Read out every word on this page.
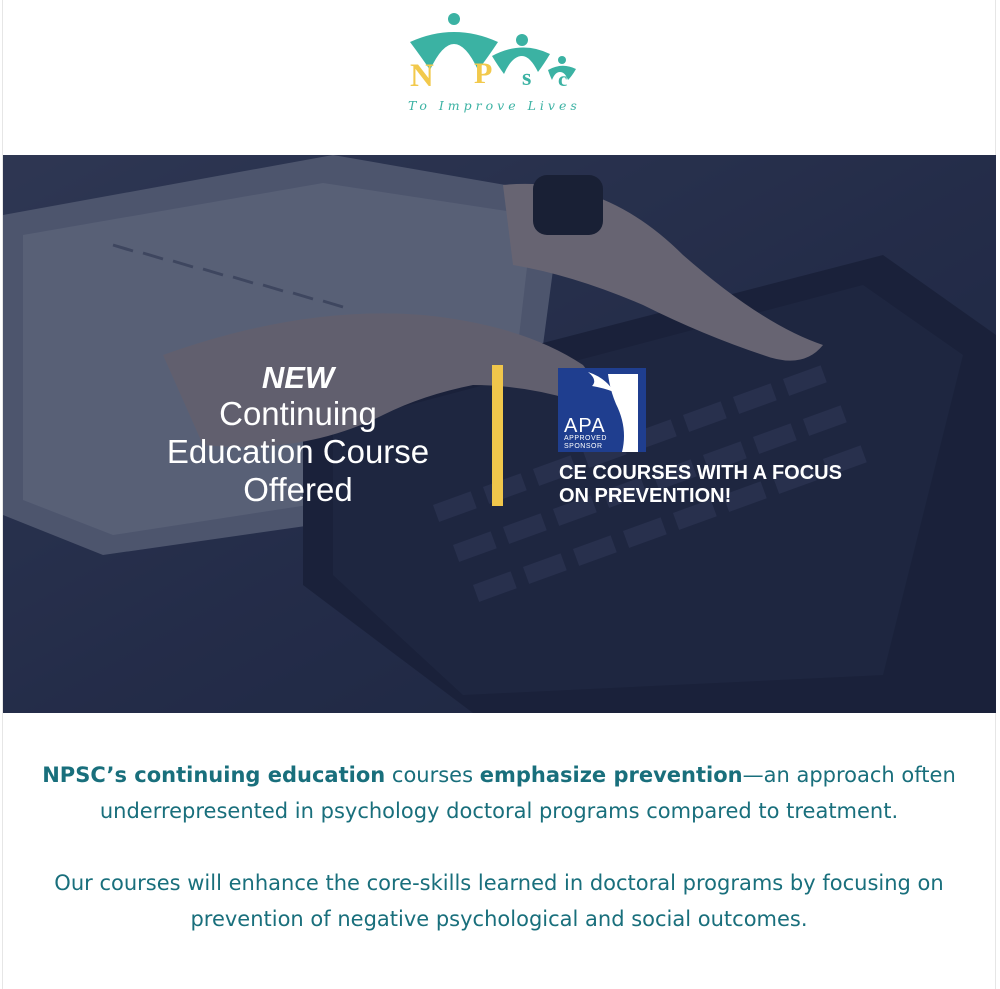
N P s c
To Improve Lives
NEW
Continuing
Education Course
Offered
APA
APPROVED
SPONSOR
CE COURSES WITH A FOCUS
ON PREVENTION!

NPSC’s continuing education courses emphasize prevention—an approach often underrepresented in psychology doctoral programs compared to treatment.

Our courses will enhance the core-skills learned in doctoral programs by focusing on prevention of negative psychological and social outcomes.
